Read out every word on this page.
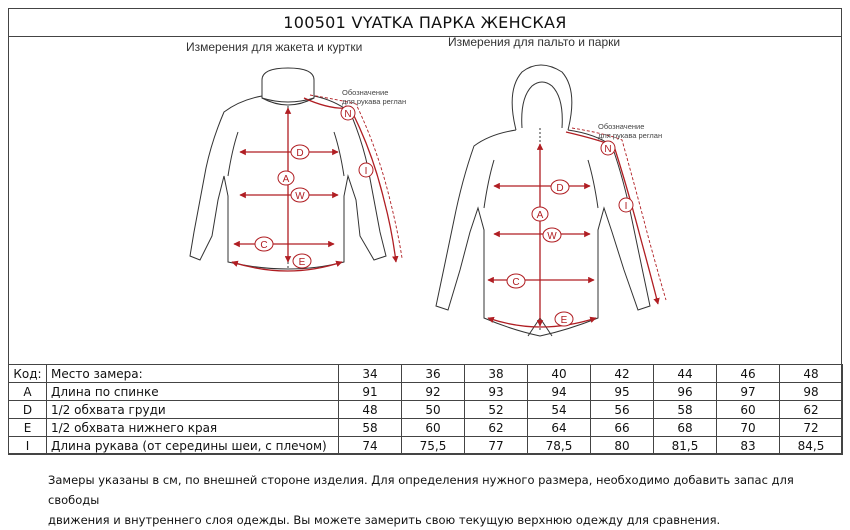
100501 VYATKA ПАРКА ЖЕНСКАЯ
Измерения для жакета и куртки	Измерения для пальто и парки
N
D
A
W
C
E
I
Обозначение
для рукава реглан
N
D
A
W
C
E
I
Обозначение
для рукава реглан
Код:	Место замера:	34	36	38	40	42	44	46	48
A	Длина по спинке	91	92	93	94	95	96	97	98
D	1/2 обхвата груди	48	50	52	54	56	58	60	62
E	1/2 обхвата нижнего края	58	60	62	64	66	68	70	72
I	Длина рукава (от середины шеи, с плечом)	74	75,5	77	78,5	80	81,5	83	84,5
Замеры указаны в см, по внешней стороне изделия. Для определения нужного размера, необходимо добавить запас для свободы
движения и внутреннего слоя одежды. Вы можете замерить свою текущую верхнюю одежду для сравнения.
